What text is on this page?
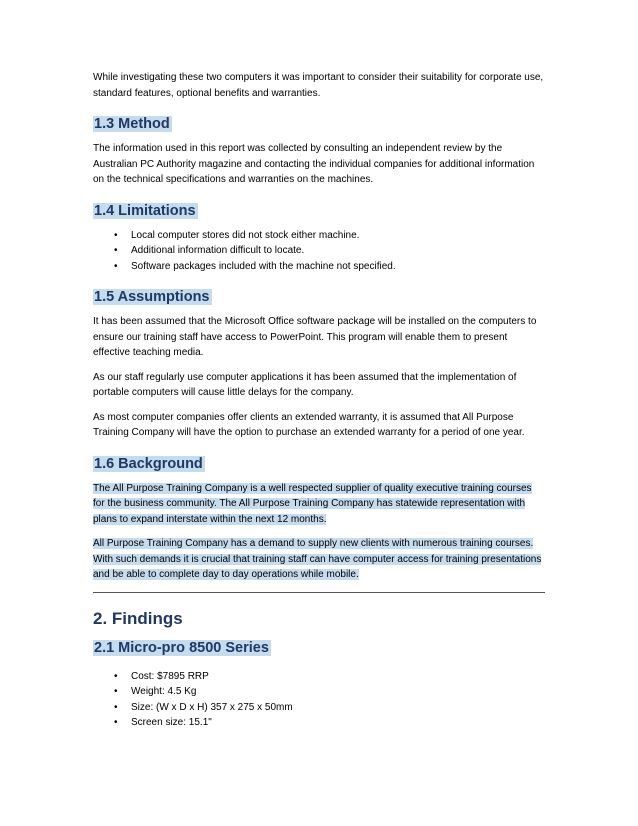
While investigating these two computers it was important to consider their suitability for corporate use, standard features, optional benefits and warranties.

1.3 Method

The information used in this report was collected by consulting an independent review by the Australian PC Authority magazine and contacting the individual companies for additional information on the technical specifications and warranties on the machines.

1.4 Limitations
• Local computer stores did not stock either machine.
• Additional information difficult to locate.
• Software packages included with the machine not specified.
1.5 Assumptions

It has been assumed that the Microsoft Office software package will be installed on the computers to ensure our training staff have access to PowerPoint. This program will enable them to present effective teaching media.

As our staff regularly use computer applications it has been assumed that the implementation of portable computers will cause little delays for the company.

As most computer companies offer clients an extended warranty, it is assumed that All Purpose Training Company will have the option to purchase an extended warranty for a period of one year.

1.6 Background

The All Purpose Training Company is a well respected supplier of quality executive training courses for the business community. The All Purpose Training Company has statewide representation with plans to expand interstate within the next 12 months.

All Purpose Training Company has a demand to supply new clients with numerous training courses. With such demands it is crucial that training staff can have computer access for training presentations and be able to complete day to day operations while mobile.

2. Findings
2.1 Micro-pro 8500 Series
• Cost: $7895 RRP
• Weight: 4.5 Kg
• Size: (W x D x H) 357 x 275 x 50mm
• Screen size: 15.1"
